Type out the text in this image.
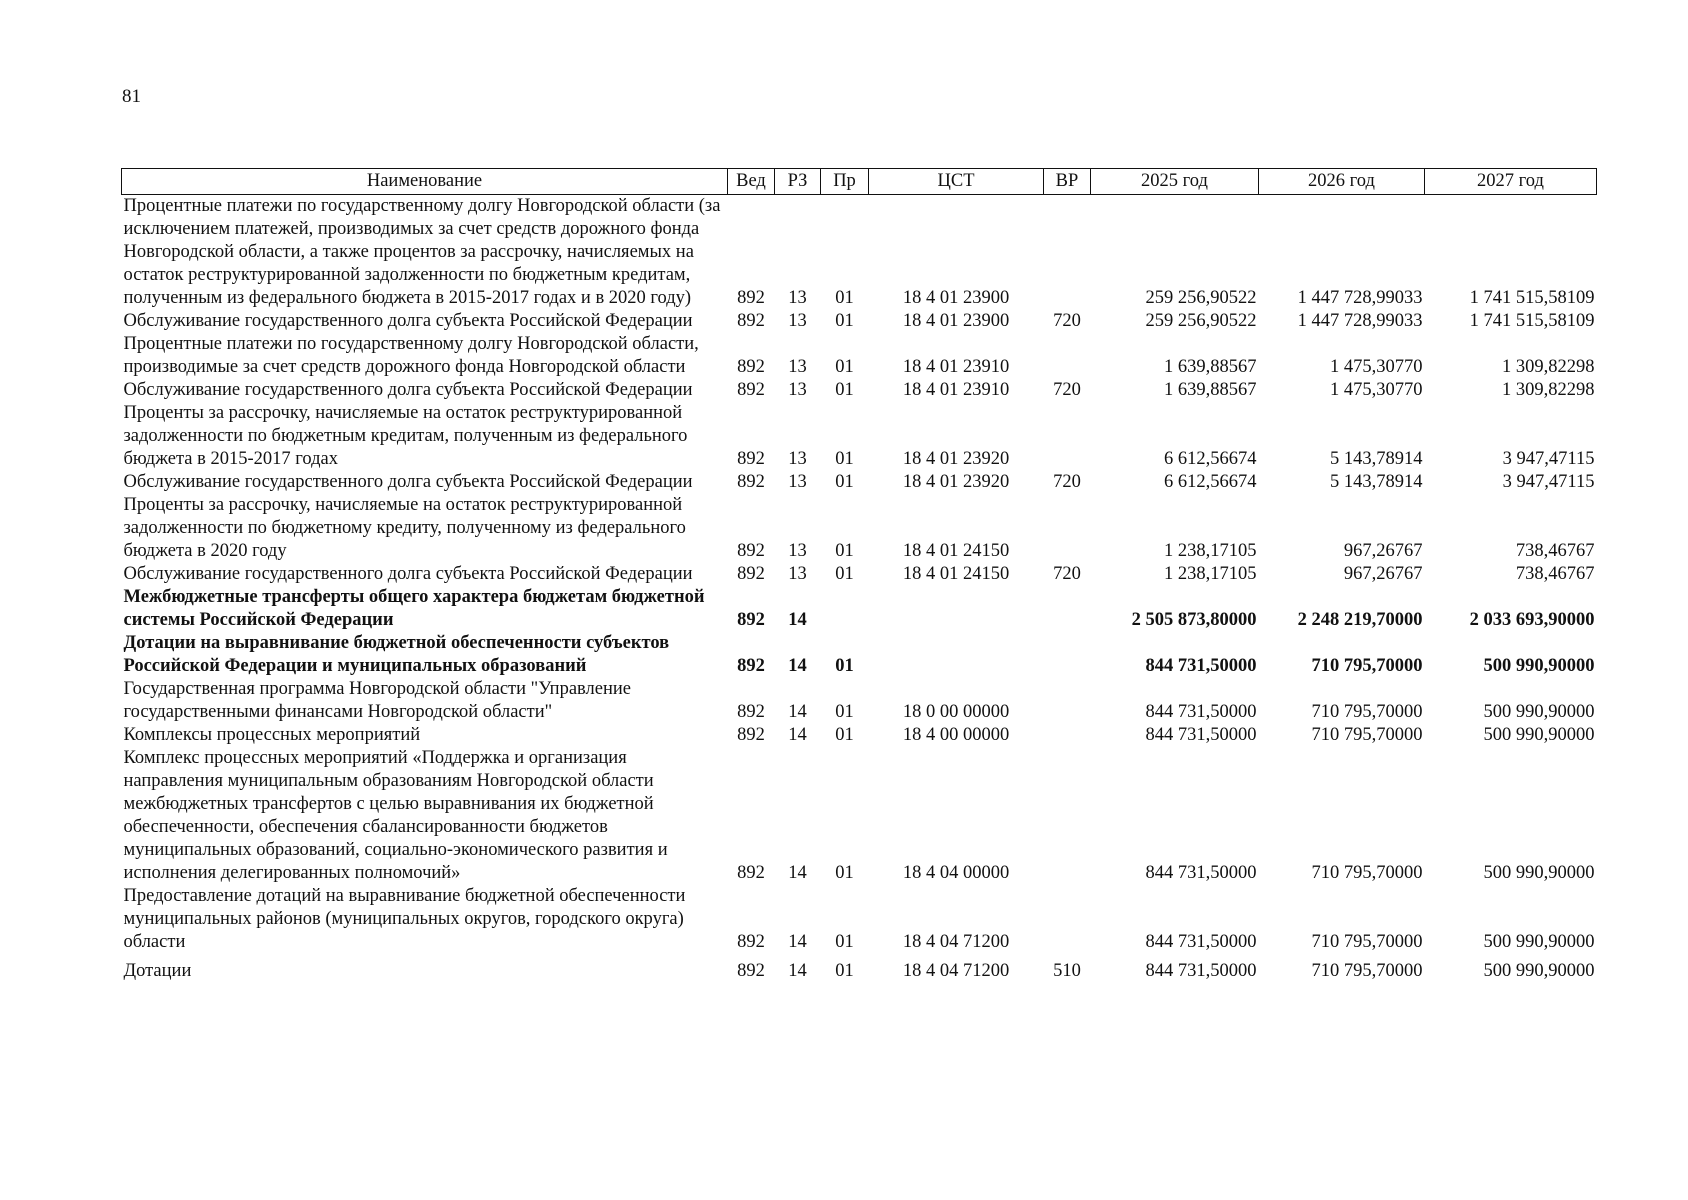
81
Наименование	Вед	РЗ	Пр	ЦСТ	ВР	2025 год	2026 год	2027 год
Процентные платежи по государственному долгу Новгородской области (за исключением платежей, производимых за счет средств дорожного фонда Новгородской области, а также процентов за рассрочку, начисляемых на остаток реструктурированной задолженности по бюджетным кредитам, полученным из федерального бюджета в 2015-2017 годах и в 2020 году)	892	13	01	18 4 01 23900		259 256,90522	1 447 728,99033	1 741 515,58109
Обслуживание государственного долга субъекта Российской Федерации	892	13	01	18 4 01 23900	720	259 256,90522	1 447 728,99033	1 741 515,58109
Процентные платежи по государственному долгу Новгородской области, производимые за счет средств дорожного фонда Новгородской области	892	13	01	18 4 01 23910		1 639,88567	1 475,30770	1 309,82298
Обслуживание государственного долга субъекта Российской Федерации	892	13	01	18 4 01 23910	720	1 639,88567	1 475,30770	1 309,82298
Проценты за рассрочку, начисляемые на остаток реструктурированной задолженности по бюджетным кредитам, полученным из федерального бюджета в 2015-2017 годах	892	13	01	18 4 01 23920		6 612,56674	5 143,78914	3 947,47115
Обслуживание государственного долга субъекта Российской Федерации	892	13	01	18 4 01 23920	720	6 612,56674	5 143,78914	3 947,47115
Проценты за рассрочку, начисляемые на остаток реструктурированной задолженности по бюджетному кредиту, полученному из федерального бюджета в 2020 году	892	13	01	18 4 01 24150		1 238,17105	967,26767	738,46767
Обслуживание государственного долга субъекта Российской Федерации	892	13	01	18 4 01 24150	720	1 238,17105	967,26767	738,46767
Межбюджетные трансферты общего характера бюджетам бюджетной системы Российской Федерации	892	14				2 505 873,80000	2 248 219,70000	2 033 693,90000
Дотации на выравнивание бюджетной обеспеченности субъектов Российской Федерации и муниципальных образований	892	14	01			844 731,50000	710 795,70000	500 990,90000
Государственная программа Новгородской области "Управление государственными финансами Новгородской области"	892	14	01	18 0 00 00000		844 731,50000	710 795,70000	500 990,90000
Комплексы процессных мероприятий	892	14	01	18 4 00 00000		844 731,50000	710 795,70000	500 990,90000
Комплекс процессных мероприятий «Поддержка и организация направления муниципальным образованиям Новгородской области межбюджетных трансфертов с целью выравнивания их бюджетной обеспеченности, обеспечения сбалансированности бюджетов муниципальных образований, социально-экономического развития и исполнения делегированных полномочий»	892	14	01	18 4 04 00000		844 731,50000	710 795,70000	500 990,90000
Предоставление дотаций на выравнивание бюджетной обеспеченности муниципальных районов (муниципальных округов, городского округа) области	892	14	01	18 4 04 71200		844 731,50000	710 795,70000	500 990,90000
Дотации	892	14	01	18 4 04 71200	510	844 731,50000	710 795,70000	500 990,90000
